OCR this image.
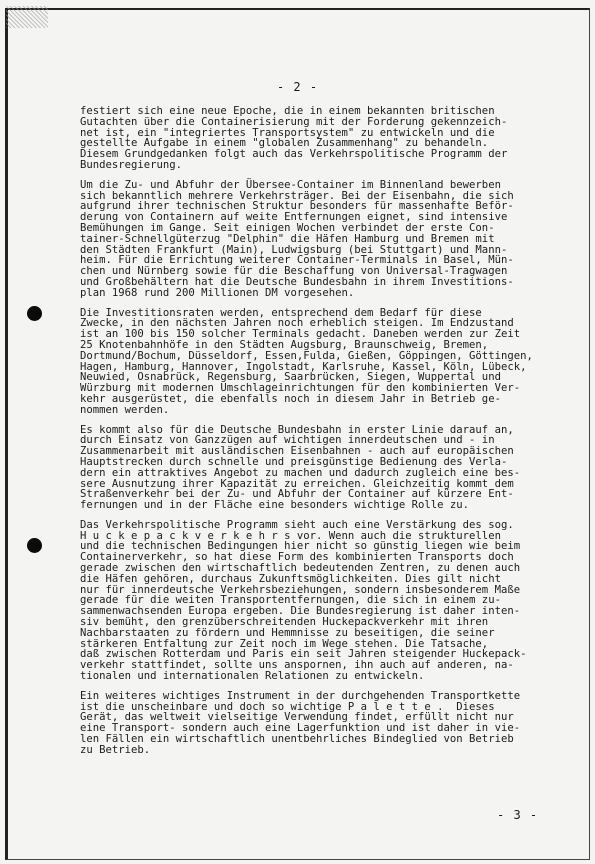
- 2 -
festiert sich eine neue Epoche, die in einem bekannten britischen
Gutachten über die Containerisierung mit der Forderung gekennzeich-
net ist, ein "integriertes Transportsystem" zu entwickeln und die
gestellte Aufgabe in einem "globalen Zusammenhang" zu behandeln.
Diesem Grundgedanken folgt auch das Verkehrspolitische Programm der
Bundesregierung.
Um die Zu- und Abfuhr der Übersee-Container im Binnenland bewerben
sich bekanntlich mehrere Verkehrsträger. Bei der Eisenbahn, die sich
aufgrund ihrer technischen Struktur besonders für massenhafte Beför-
derung von Containern auf weite Entfernungen eignet, sind intensive
Bemühungen im Gange. Seit einigen Wochen verbindet der erste Con-
tainer-Schnellgüterzug "Delphin" die Häfen Hamburg und Bremen mit
den Städten Frankfurt (Main), Ludwigsburg (bei Stuttgart) und Mann-
heim. Für die Errichtung weiterer Container-Terminals in Basel, Mün-
chen und Nürnberg sowie für die Beschaffung von Universal-Tragwagen
und Großbehältern hat die Deutsche Bundesbahn in ihrem Investitions-
plan 1968 rund 200 Millionen DM vorgesehen.
Die Investitionsraten werden, entsprechend dem Bedarf für diese
Zwecke, in den nächsten Jahren noch erheblich steigen. Im Endzustand
ist an 100 bis 150 solcher Terminals gedacht. Daneben werden zur Zeit
25 Knotenbahnhöfe in den Städten Augsburg, Braunschweig, Bremen,
Dortmund/Bochum, Düsseldorf, Essen,Fulda, Gießen, Göppingen, Göttingen,
Hagen, Hamburg, Hannover, Ingolstadt, Karlsruhe, Kassel, Köln, Lübeck,
Neuwied, Osnabrück, Regensburg, Saarbrücken, Siegen, Wuppertal und
Würzburg mit modernen Umschlageinrichtungen für den kombinierten Ver-
kehr ausgerüstet, die ebenfalls noch in diesem Jahr in Betrieb ge-
nommen werden.
Es kommt also für die Deutsche Bundesbahn in erster Linie darauf an,
durch Einsatz von Ganzzügen auf wichtigen innerdeutschen und - in
Zusammenarbeit mit ausländischen Eisenbahnen - auch auf europäischen
Hauptstrecken durch schnelle und preisgünstige Bedienung des Verla-
dern ein attraktives Angebot zu machen und dadurch zugleich eine bes-
sere Ausnutzung ihrer Kapazität zu erreichen. Gleichzeitig kommt dem
Straßenverkehr bei der Zu- und Abfuhr der Container auf kürzere Ent-
fernungen und in der Fläche eine besonders wichtige Rolle zu.
Das Verkehrspolitische Programm sieht auch eine Verstärkung des sog.
H u c k e p a c k v e r k e h r s vor. Wenn auch die strukturellen
und die technischen Bedingungen hier nicht so günstig liegen wie beim
Containerverkehr, so hat diese Form des kombinierten Transports doch
gerade zwischen den wirtschaftlich bedeutenden Zentren, zu denen auch
die Häfen gehören, durchaus Zukunftsmöglichkeiten. Dies gilt nicht
nur für innerdeutsche Verkehrsbeziehungen, sondern insbesonderem Maße
gerade für die weiten Transportentfernungen, die sich in einem zu-
sammenwachsenden Europa ergeben. Die Bundesregierung ist daher inten-
siv bemüht, den grenzüberschreitenden Huckepackverkehr mit ihren
Nachbarstaaten zu fördern und Hemmnisse zu beseitigen, die seiner
stärkeren Entfaltung zur Zeit noch im Wege stehen. Die Tatsache,
daß zwischen Rotterdam und Paris ein seit Jahren steigender Huckepack-
verkehr stattfindet, sollte uns anspornen, ihn auch auf anderen, na-
tionalen und internationalen Relationen zu entwickeln.
Ein weiteres wichtiges Instrument in der durchgehenden Transportkette
ist die unscheinbare und doch so wichtige P a l e t t e .  Dieses
Gerät, das weltweit vielseitige Verwendung findet, erfüllt nicht nur
eine Transport- sondern auch eine Lagerfunktion und ist daher in vie-
len Fällen ein wirtschaftlich unentbehrliches Bindeglied von Betrieb
zu Betrieb.
- 3 -
